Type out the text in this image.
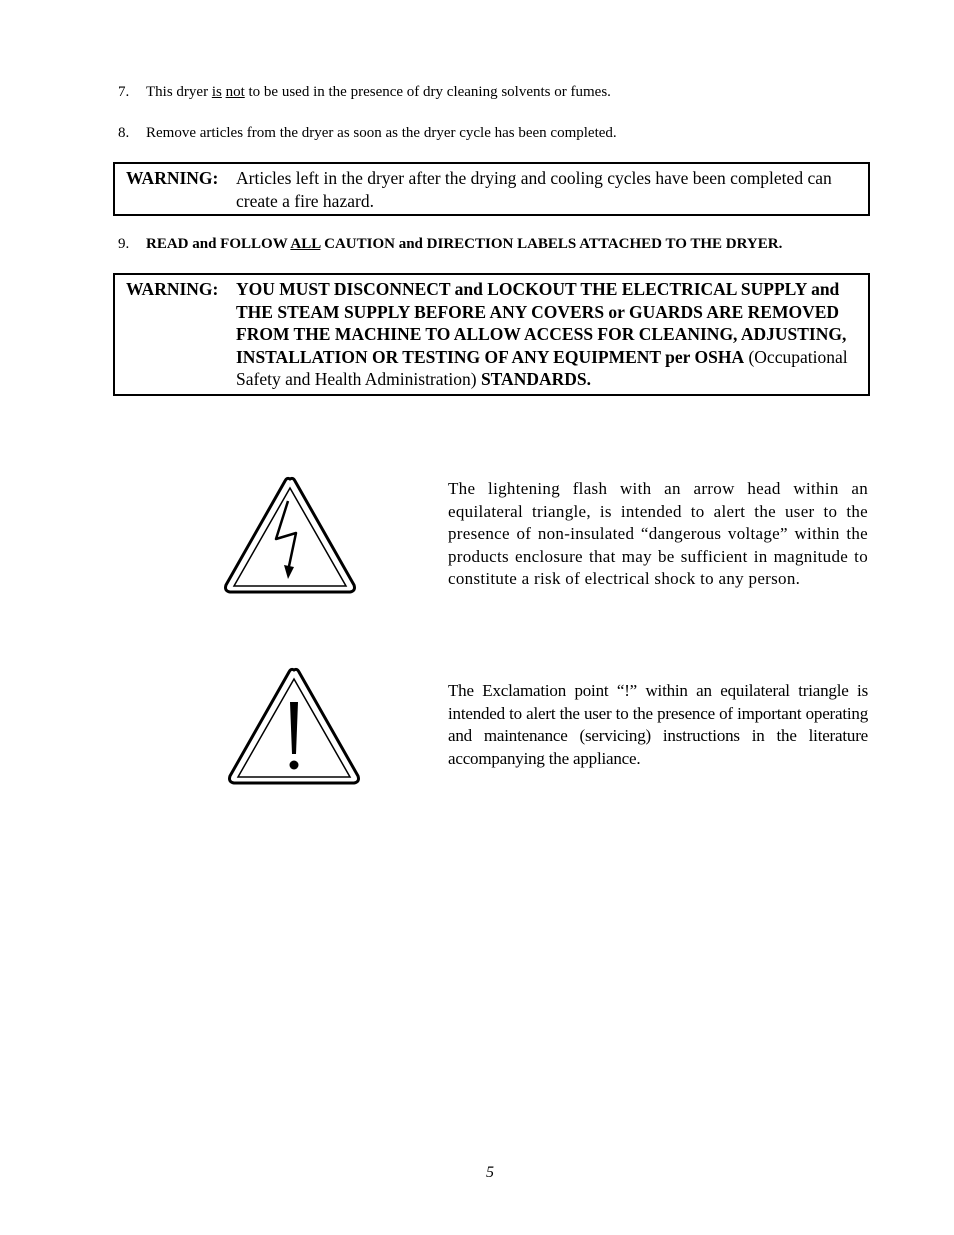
7. This dryer is not to be used in the presence of dry cleaning solvents or fumes.
8. Remove articles from the dryer as soon as the dryer cycle has been completed.
WARNING: Articles left in the dryer after the drying and cooling cycles have been completed can create a fire hazard.
9. READ and FOLLOW ALL CAUTION and DIRECTION LABELS ATTACHED TO THE DRYER.
WARNING: YOU MUST DISCONNECT and LOCKOUT THE ELECTRICAL SUPPLY and THE STEAM SUPPLY BEFORE ANY COVERS or GUARDS ARE REMOVED FROM THE MACHINE TO ALLOW ACCESS FOR CLEANING, ADJUSTING, INSTALLATION OR TESTING OF ANY EQUIPMENT per OSHA (Occupational Safety and Health Administration) STANDARDS.
The lightening flash with an arrow head within an equilateral triangle, is intended to alert the user to the presence of non-insulated “dangerous voltage” within the products enclosure that may be sufficient in magnitude to constitute a risk of electrical shock to any person.
The Exclamation point “!” within an equilateral triangle is intended to alert the user to the presence of important operating and maintenance (servicing) instructions in the literature accompanying the appliance.
5
